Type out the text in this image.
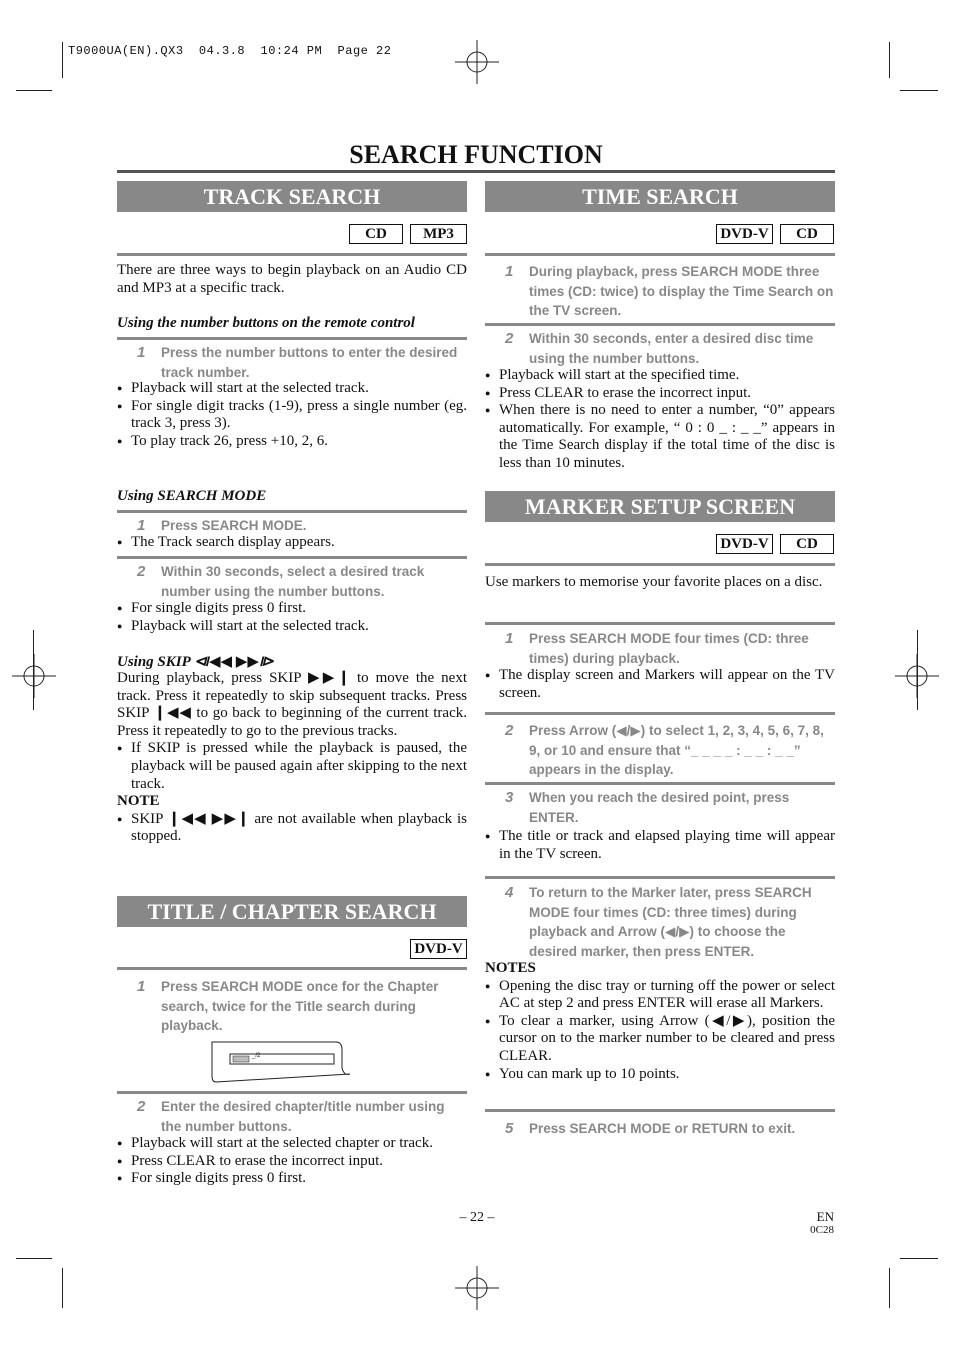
T9000UA(EN).QX3  04.3.8  10:24 PM  Page 22
SEARCH FUNCTION
TRACK SEARCH
CD	MP3
There are three ways to begin playback on an Audio CD and MP3 at a specific track.
Using the number buttons on the remote control
1 Press the number buttons to enter the desired track number.

● Playback will start at the selected track.

● For single digit tracks (1-9), press a single number (eg. track 3, press 3).

● To play track 26, press +10, 2, 6.

Using SEARCH MODE
1 Press SEARCH MODE.

● The Track search display appears.

2 Within 30 seconds, select a desired track number using the number buttons.

● For single digits press 0 first.

● Playback will start at the selected track.

Using SKIP ⧏◀◀ ▶▶⧐

During playback, press SKIP ▶▶❙ to move the next track. Press it repeatedly to skip subsequent tracks. Press SKIP ❙◀◀ to go back to beginning of the current track. Press it repeatedly to go to the previous tracks.

● If SKIP is pressed while the playback is paused, the playback will be paused again after skipping to the next track.

NOTE

● SKIP ❙◀◀ ▶▶❙ are not available when playback is stopped.

TITLE / CHAPTER SEARCH
DVD-V
1 Press SEARCH MODE once for the Chapter search, twice for the Title search during playback.
_/2
2 Enter the desired chapter/title number using the number buttons.

● Playback will start at the selected chapter or track.

● Press CLEAR to erase the incorrect input.

● For single digits press 0 first.

TIME SEARCH
DVD-V	CD
1 During playback, press SEARCH MODE three times (CD: twice) to display the Time Search on the TV screen.
2 Within 30 seconds, enter a desired disc time using the number buttons.

● Playback will start at the specified time.

● Press CLEAR to erase the incorrect input.

● When there is no need to enter a number, “0” appears automatically. For example, “ 0 : 0 _ : _ _” appears in the Time Search display if the total time of the disc is less than 10 minutes.

MARKER SETUP SCREEN
DVD-V	CD
Use markers to memorise your favorite places on a disc.
1 Press SEARCH MODE four times (CD: three times) during playback.

● The display screen and Markers will appear on the TV screen.

2 Press Arrow (◀/▶) to select 1, 2, 3, 4, 5, 6, 7, 8, 9, or 10 and ensure that “_ _ _ _ : _ _ : _ _” appears in the display.
3 When you reach the desired point, press ENTER.

● The title or track and elapsed playing time will appear in the TV screen.

4 To return to the Marker later, press SEARCH MODE four times (CD: three times) during playback and Arrow (◀/▶) to choose the desired marker, then press ENTER.

NOTES

● Opening the disc tray or turning off the power or select AC at step 2 and press ENTER will erase all Markers.

● To clear a marker, using Arrow (◀/▶), position the cursor on to the marker number to be cleared and press CLEAR.

● You can mark up to 10 points.

5 Press SEARCH MODE or RETURN to exit.
– 22 –	EN
0C28
